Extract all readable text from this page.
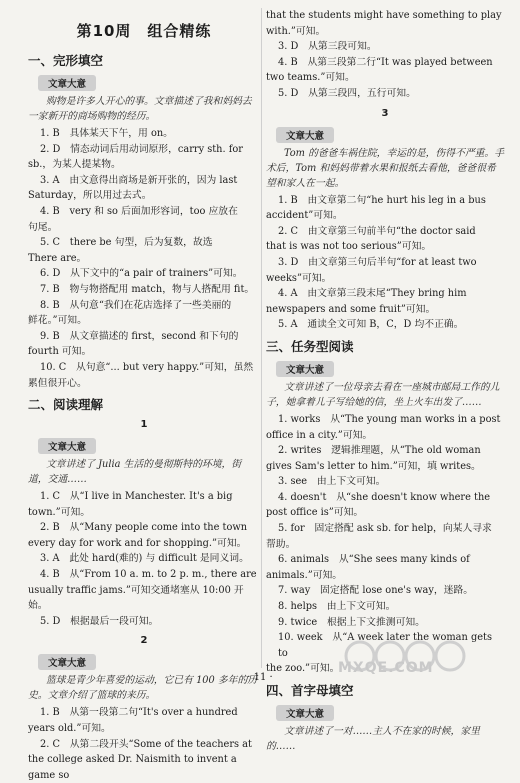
第10周　组合精练
一、完形填空
文章大意

购物是许多人开心的事。文章描述了我和妈妈去一家新开的商场购物的经历。

1. B　具体某天下午，用 on。

2. D　情态动词后用动词原形，carry sth. for

sb.，为某人提某物。

3. A　由文意得出商场是新开张的，因为 last

Saturday，所以用过去式。

4. B　very 和 so 后面加形容词，too 应放在

句尾。

5. C　there be 句型，后为复数，故选

There are。

6. D　从下文中的“a pair of trainers”可知。

7. B　物与物搭配用 match，物与人搭配用 fit。

8. B　从句意“我们在花店选择了一些美丽的

鲜花。”可知。

9. B　从文章描述的 first，second 和下句的

fourth 可知。

10. C　从句意“... but very happy.”可知，虽然

累但很开心。

二、阅读理解
1
文章大意

文章讲述了 Julia 生活的曼彻斯特的环境，街道，交通……

1. C　从“I live in Manchester. It's a big

town.”可知。

2. B　从“Many people come into the town

every day for work and for shopping.”可知。

3. A　此处 hard(难的) 与 difficult 是同义词。

4. B　从“From 10 a. m. to 2 p. m., there are

usually traffic jams.”可知交通堵塞从 10:00 开始。

5. D　根据最后一段可知。

2
文章大意

篮球是青少年喜爱的运动，它已有 100 多年的历史。文章介绍了篮球的来历。

1. B　从第一段第二句“It's over a hundred

years old.”可知。

2. C　从第二段开头“Some of the teachers at

the college asked Dr. Naismith to invent a game so

that the students might have something to play

with.”可知。

3. D　从第三段可知。

4. B　从第三段第二行“It was played between

two teams.”可知。

5. D　从第三段四，五行可知。

3
文章大意

Tom 的爸爸车祸住院，幸运的是，伤得不严重。手术后，Tom 和妈妈带着水果和报纸去看他，爸爸很希望和家人在一起。

1. B　由文章第二句“he hurt his leg in a bus

accident”可知。

2. C　由文章第三句前半句“the doctor said

that is was not too serious”可知。

3. D　由文章第三句后半句“for at least two

weeks”可知。

4. A　由文章第三段末尾“They bring him

newspapers and some fruit”可知。

5. A　通读全文可知 B，C，D 均不正确。

三、任务型阅读
文章大意

文章讲述了一位母亲去看在一座城市邮局工作的儿子，她拿着儿子写给她的信，坐上火车出发了……

1. works　从“The young man works in a post

office in a city.”可知。

2. writes　逻辑推理题，从“The old woman

gives Sam's letter to him.”可知，填 writes。

3. see　由上下文可知。

4. doesn't　从“she doesn't know where the

post office is”可知。

5. for　固定搭配 ask sb. for help，向某人寻求

帮助。

6. animals　从“She sees many kinds of

animals.”可知。

7. way　固定搭配 lose one's way，迷路。

8. helps　由上下文可知。

9. twice　根据上下文推测可知。

10. week　从“A week later the woman gets to

the zoo.”可知。

四、首字母填空
文章大意

文章讲述了一对……主人不在家的时候，家里的……

MXQE.COM
· 11 ·
